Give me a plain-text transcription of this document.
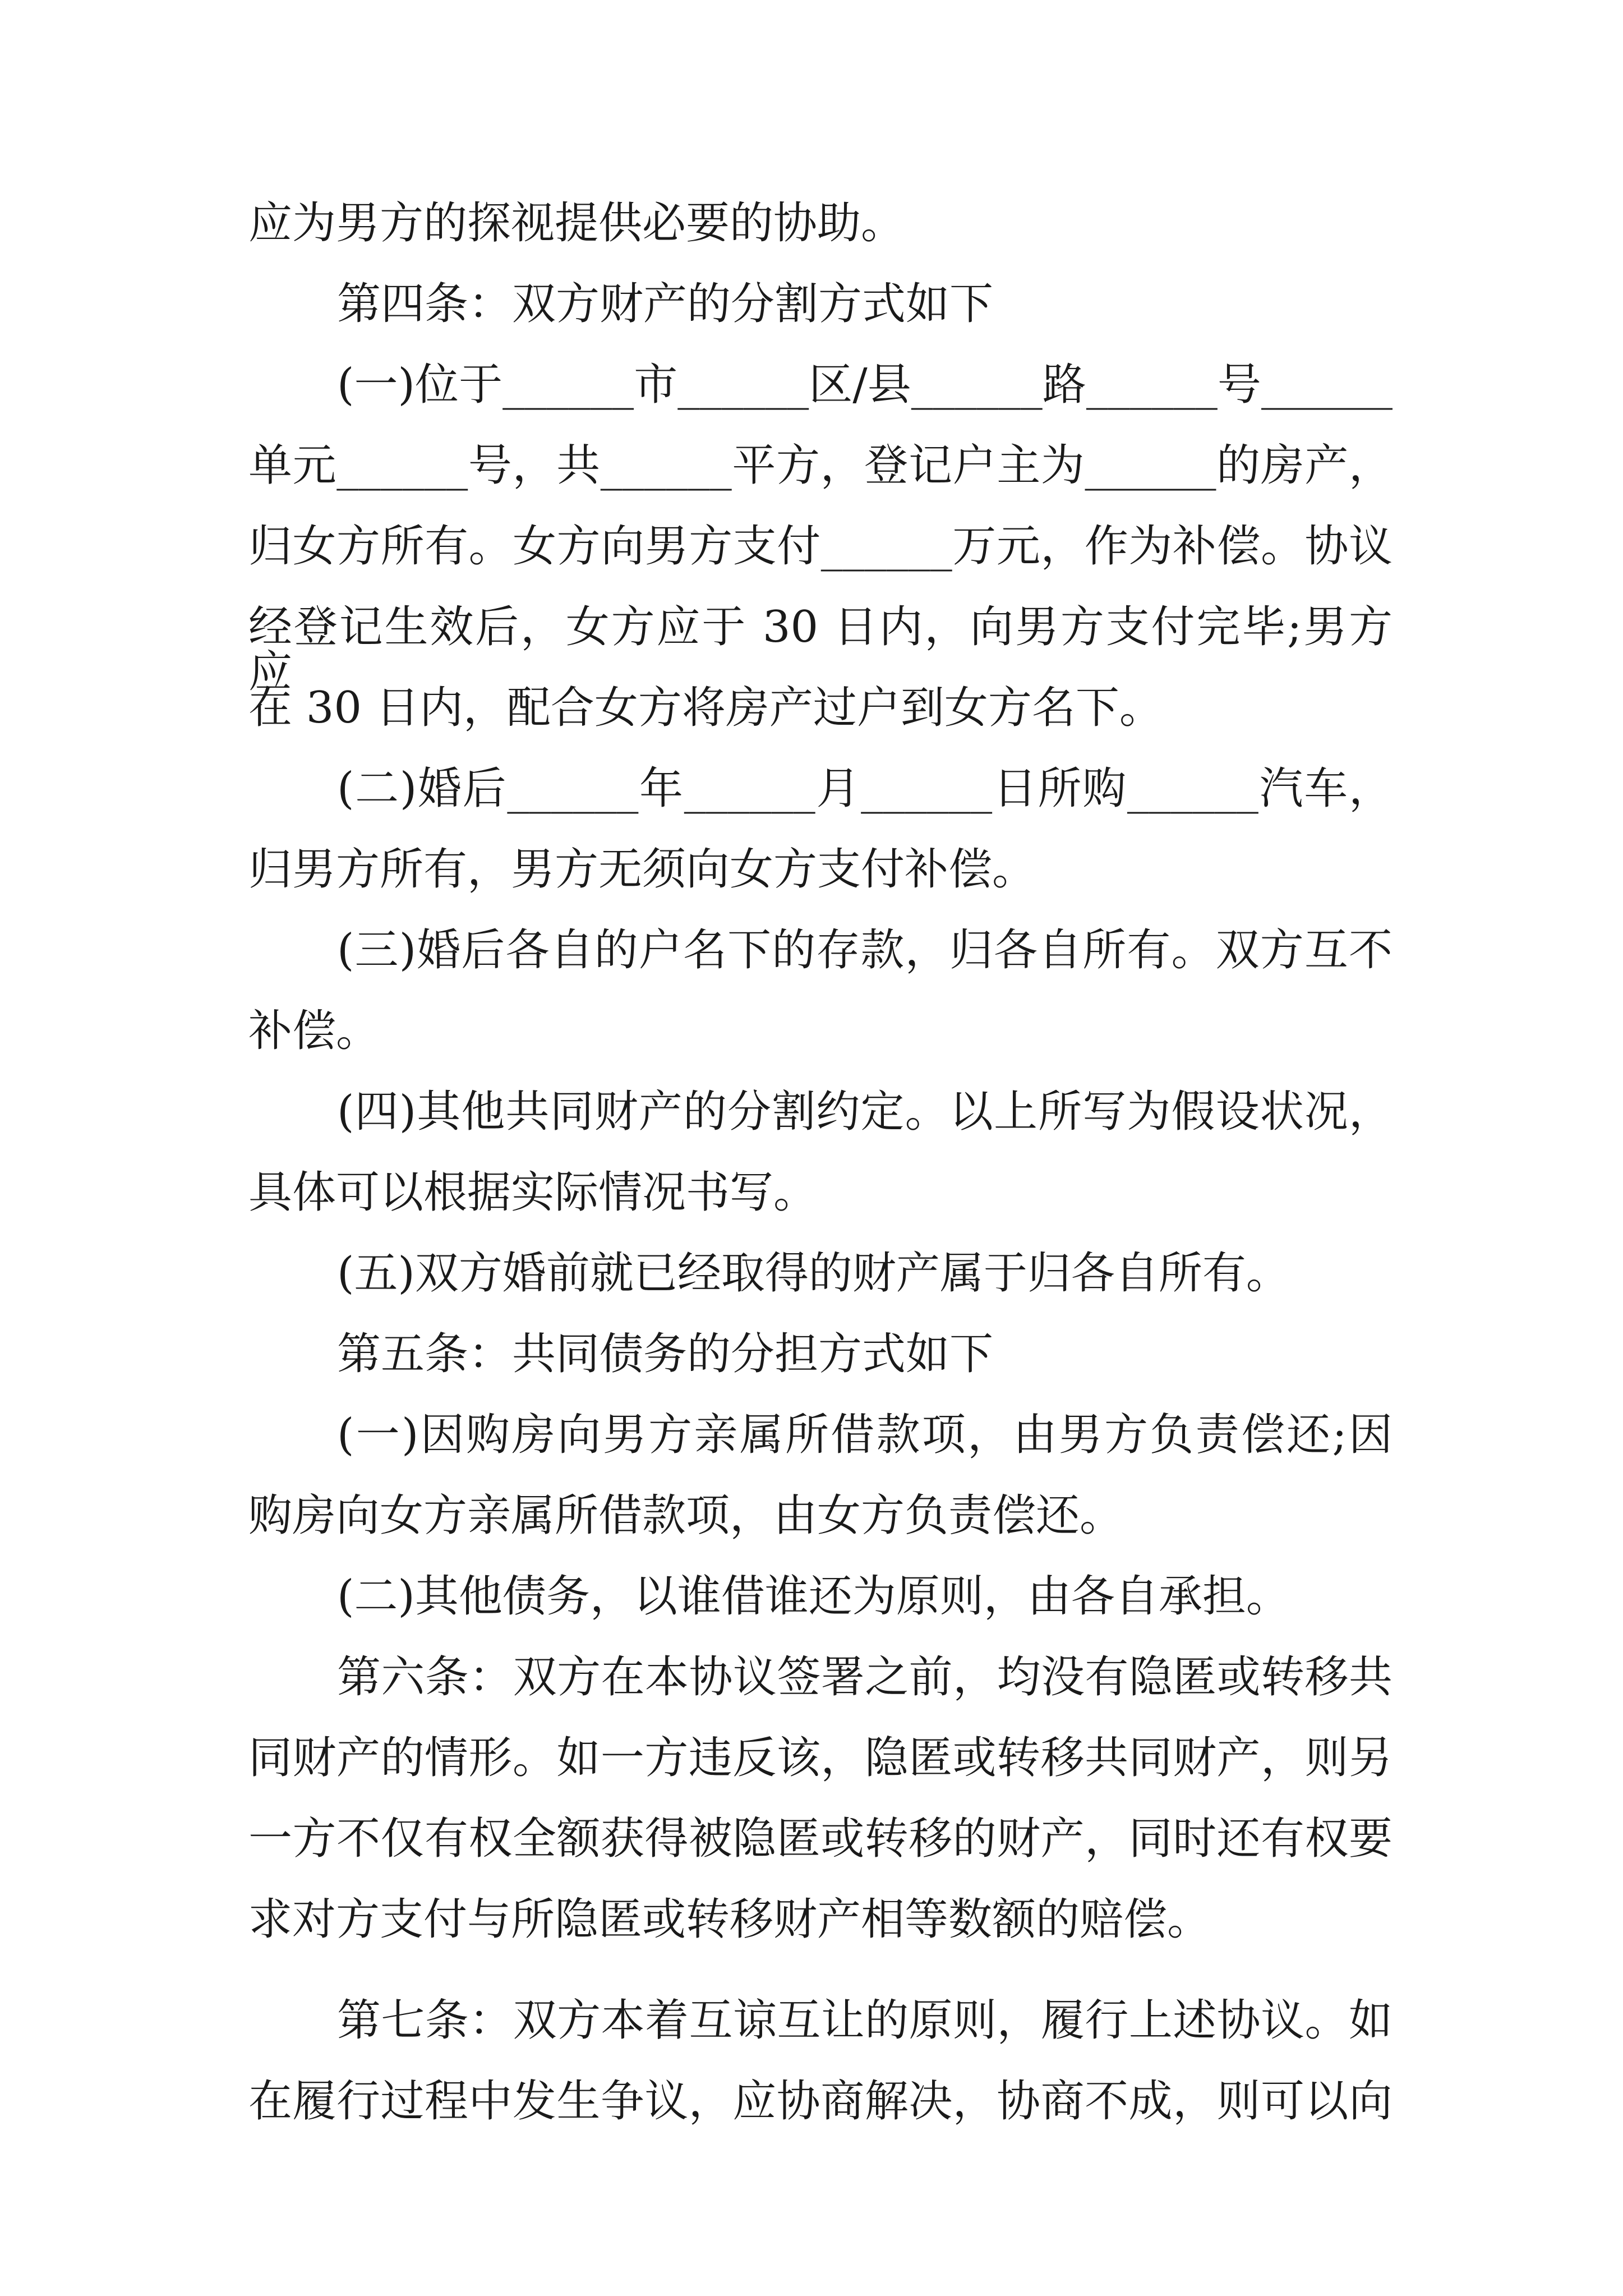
应为男方的探视提供必要的协助。
第四条：双方财产的分割方式如下
(一)位于______市______区/县______路______号______
单元______号，共______平方，登记户主为______的房产，
归女方所有。女方向男方支付______万元，作为补偿。协议
经登记生效后，女方应于 30 日内，向男方支付完毕;男方应
在 30 日内，配合女方将房产过户到女方名下。
(二)婚后______年______月______日所购______汽车，
归男方所有，男方无须向女方支付补偿。
(三)婚后各自的户名下的存款，归各自所有。双方互不
补偿。
(四)其他共同财产的分割约定。以上所写为假设状况，
具体可以根据实际情况书写。
(五)双方婚前就已经取得的财产属于归各自所有。
第五条：共同债务的分担方式如下
(一)因购房向男方亲属所借款项，由男方负责偿还;因
购房向女方亲属所借款项，由女方负责偿还。
(二)其他债务，以谁借谁还为原则，由各自承担。
第六条：双方在本协议签署之前，均没有隐匿或转移共
同财产的情形。如一方违反该，隐匿或转移共同财产，则另
一方不仅有权全额获得被隐匿或转移的财产，同时还有权要
求对方支付与所隐匿或转移财产相等数额的赔偿。
第七条：双方本着互谅互让的原则，履行上述协议。如
在履行过程中发生争议，应协商解决，协商不成，则可以向
